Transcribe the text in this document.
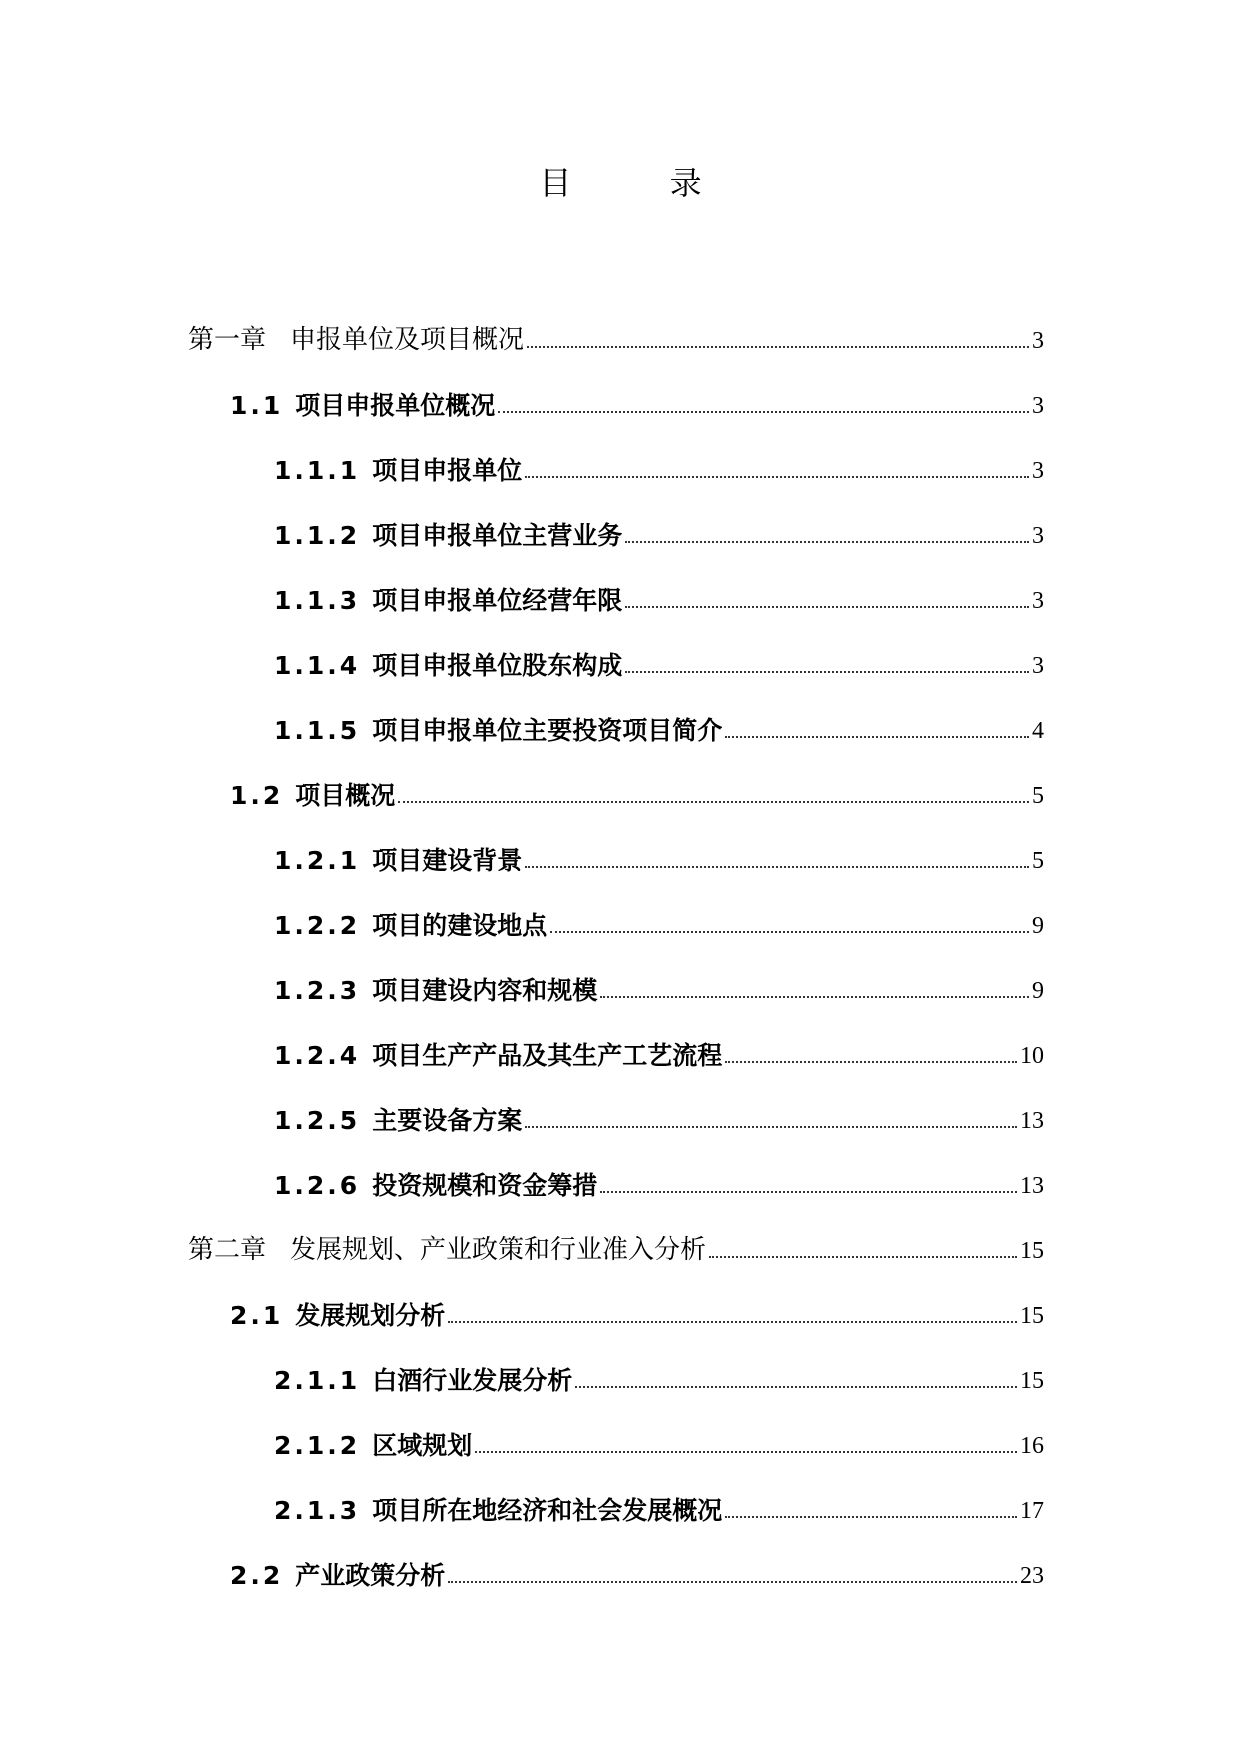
目 录
第一章 申报单位及项目概况	3
1.1 项目申报单位概况	3
1.1.1 项目申报单位	3
1.1.2 项目申报单位主营业务	3
1.1.3 项目申报单位经营年限	3
1.1.4 项目申报单位股东构成	3
1.1.5 项目申报单位主要投资项目简介	4
1.2 项目概况	5
1.2.1 项目建设背景	5
1.2.2 项目的建设地点	9
1.2.3 项目建设内容和规模	9
1.2.4 项目生产产品及其生产工艺流程	10
1.2.5 主要设备方案	13
1.2.6 投资规模和资金筹措	13
第二章 发展规划、产业政策和行业准入分析	15
2.1 发展规划分析	15
2.1.1 白酒行业发展分析	15
2.1.2 区域规划	16
2.1.3 项目所在地经济和社会发展概况	17
2.2 产业政策分析	23
